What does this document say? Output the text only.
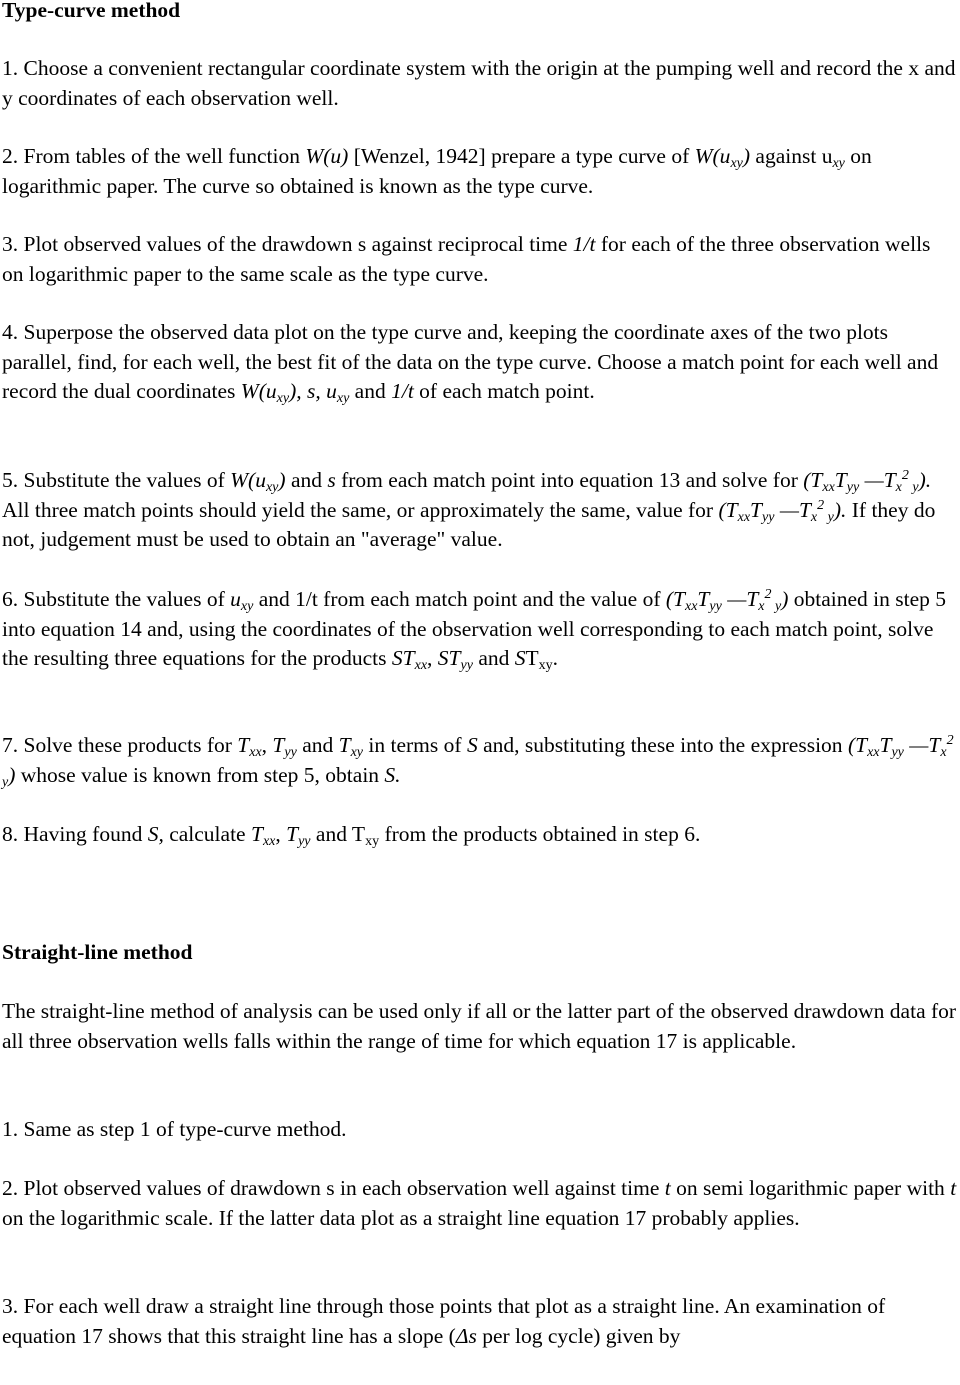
Type-curve method

1. Choose a convenient rectangular coordinate system with the origin at the pumping well and record the x and y coordinates of each observation well.

2. From tables of the well function W(u) [Wenzel, 1942] prepare a type curve of $W(u_{xy})$ against $u_{xy}$ on logarithmic paper. The curve so obtained is known as the type curve.

3. Plot observed values of the drawdown s against reciprocal time 1/t for each of the three observation wells on logarithmic paper to the same scale as the type curve.

4. Superpose the observed data plot on the type curve and, keeping the coordinate axes of the two plots parallel, find, for each well, the best fit of the data on the type curve. Choose a match point for each well and record the dual coordinates $W(u_{xy})$, s, $u_{xy}$ and 1/t of each match point.

5. Substitute the values of $W(u_{xy})$ and s from each match point into equation 13 and solve for ($T_{xx}T_{yy}$ $—T_x^2$ $_y$). All three match points should yield the same, or approximately the same, value for ($T_{xx}T_{yy}$ $—T_x^2$ $_y$). If they do not, judgement must be used to obtain an "average" value.

6. Substitute the values of $u_{xy}$ and 1/t from each match point and the value of ($T_{xx}T_{yy}$ $—T_x^2$ $_y$) obtained in step 5 into equation 14 and, using the coordinates of the observation well corresponding to each match point, solve the resulting three equations for the products $ST_{xx}$, $ST_{yy}$ and $ST_{xy}$.

7. Solve these products for $T_{xx}$, $T_{yy}$ and $T_{xy}$ in terms of S and, substituting these into the expression ($T_{xx}T_{yy}$ $—T_x^2$ $_y$) whose value is known from step 5, obtain S.

8. Having found S, calculate $T_{xx}$, $T_{yy}$ and $T_{xy}$ from the products obtained in step 6.

Straight-line method

The straight-line method of analysis can be used only if all or the latter part of the observed drawdown data for all three observation wells falls within the range of time for which equation 17 is applicable.

1. Same as step 1 of type-curve method.

2. Plot observed values of drawdown s in each observation well against time t on semi logarithmic paper with t on the logarithmic scale. If the latter data plot as a straight line equation 17 probably applies.

3. For each well draw a straight line through those points that plot as a straight line. An examination of equation 17 shows that this straight line has a slope (Δs per log cycle) given by
